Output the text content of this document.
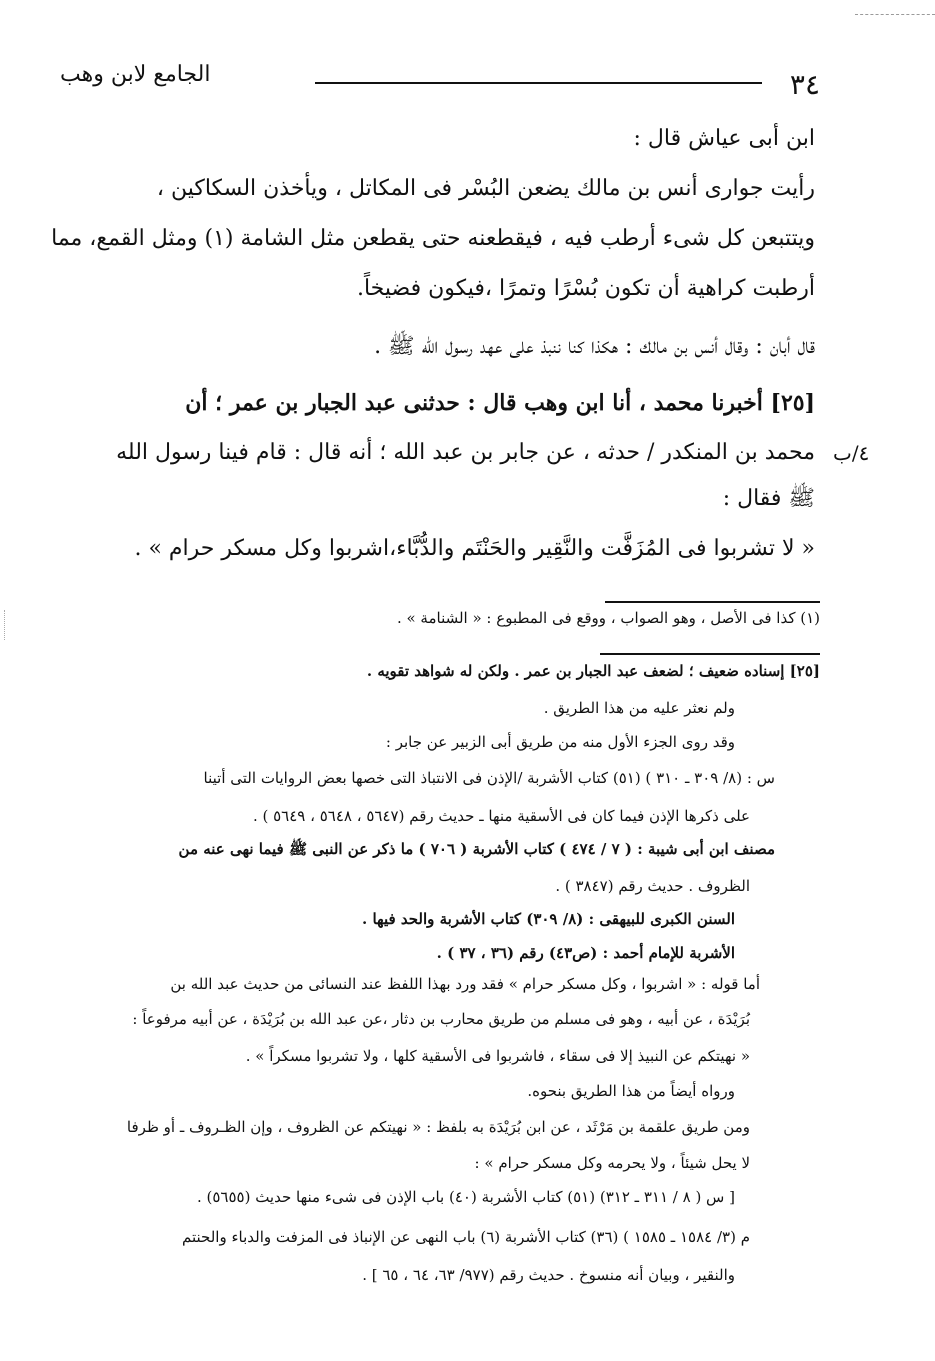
٣٤
الجامع لابن وهب
٤/ب
ابن أبى عياش قال :
رأيت جوارى أنس بن مالك يضعن البُسْر فى المكاتل ، ويأخذن السكاكين ،
ويتتبعن كل شىء أرطب فيه ، فيقطعنه حتى يقطعن مثل الشامة (١) ومثل القمع، مما
أرطبت كراهية أن تكون بُسْرًا وتمرًا ،فيكون فضيخاً.
قال أبان : وقال أنس بن مالك : هكذا كنا ننبذ على عهد رسول الله ﷺ .
[٢٥] أخبرنا محمد ، أنا ابن وهب قال : حدثنى عبد الجبار بن عمر ؛ أن
محمد بن المنكدر / حدثه ، عن جابر بن عبد الله ؛ أنه قال : قام فينا رسول الله
ﷺ فقال :
« لا تشربوا فى المُزَفَّت والنَّقِير والحَنْتَم والدُّبَّاء،اشربوا وكل مسكر حرام » .
(١) كذا فى الأصل ، وهو الصواب ، ووقع فى المطبوع : « الشنامة » .
[٢٥] إسناده ضعيف ؛ لضعف عبد الجبار بن عمر . ولكن له شواهد تقويه .
ولم نعثر عليه من هذا الطريق .
وقد روى الجزء الأول منه من طريق أبى الزبير عن جابر :
س : (٨/ ٣٠٩ ـ ٣١٠ ) (٥١) كتاب الأشربة /الإذن فى الانتباذ التى خصها بعض الروايات التى أتينا
على ذكرها الإذن فيما كان فى الأسقية منها ـ حديث رقم (٥٦٤٧ ، ٥٦٤٨ ، ٥٦٤٩ ) .
مصنف ابن أبى شيبة : ( ٧ / ٤٧٤ ) كتاب الأشربة ( ٧٠٦ ) ما ذكر عن النبى ﷺ فيما نهى عنه من
الظروف . حديث رقم (٣٨٤٧ ) .
السنن الكبرى للبيهقى : (٨/ ٣٠٩) كتاب الأشربة والحد فيها .
الأشربة للإمام أحمد : (ص٤٣) رقم (٣٦ ، ٣٧ ) .
أما قوله : « اشربوا ، وكل مسكر حرام » فقد ورد بهذا اللفظ عند النسائى من حديث عبد الله بن
بُرَيْدَة ، عن أبيه ، وهو فى مسلم من طريق محارب بن دثار ،عن عبد الله بن بُرَيْدَة ، عن أبيه مرفوعاً :
« نهيتكم عن النبيذ إلا فى سقاء ، فاشربوا فى الأسقية كلها ، ولا تشربوا مسكراً » .
ورواه أيضاً من هذا الطريق بنحوه.
ومن طريق علقمة بن مَرْثَد ، عن ابن بُرَيْدَة به بلفظ : « نهيتكم عن الظروف ، وإن الظـروف ـ أو ظرفا
لا يحل شيئاً ، ولا يحرمه وكل مسكر حرام » :
[ س ( ٨ / ٣١١ ـ ٣١٢) (٥١) كتاب الأشربة (٤٠) باب الإذن فى شىء منها حديث (٥٦٥٥) .
م (٣/ ١٥٨٤ ـ ١٥٨٥ ) (٣٦) كتاب الأشربة (٦) باب النهى عن الإنباذ فى المزفت والدباء والحنتم
والنقير ، وبيان أنه منسوخ . حديث رقم (٩٧٧/ ٦٣، ٦٤ ، ٦٥ ] .
